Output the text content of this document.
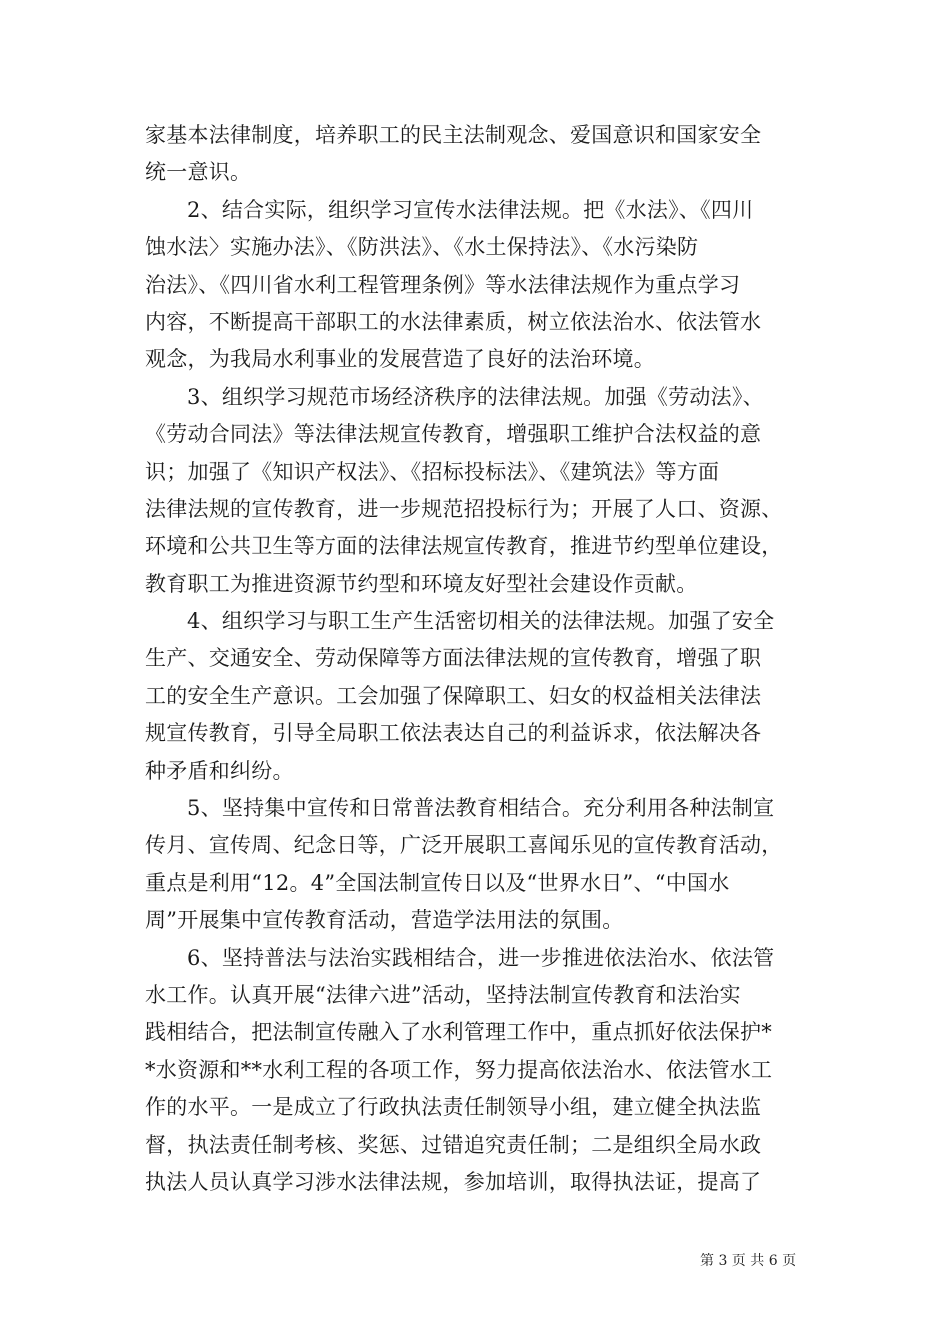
家基本法律制度，培养职工的民主法制观念、爱国意识和国家安全
统一意识。
2、结合实际，组织学习宣传水法律法规。把《水法》、《四川
蚀水法〉实施办法》、《防洪法》、《水土保持法》、《水污染防
治法》、《四川省水利工程管理条例》等水法律法规作为重点学习
内容，不断提高干部职工的水法律素质，树立依法治水、依法管水
观念，为我局水利事业的发展营造了良好的法治环境。
3、组织学习规范市场经济秩序的法律法规。加强《劳动法》、
《劳动合同法》等法律法规宣传教育，增强职工维护合法权益的意
识；加强了《知识产权法》、《招标投标法》、《建筑法》等方面
法律法规的宣传教育，进一步规范招投标行为；开展了人口、资源、
环境和公共卫生等方面的法律法规宣传教育，推进节约型单位建设，
教育职工为推进资源节约型和环境友好型社会建设作贡献。
4、组织学习与职工生产生活密切相关的法律法规。加强了安全
生产、交通安全、劳动保障等方面法律法规的宣传教育，增强了职
工的安全生产意识。工会加强了保障职工、妇女的权益相关法律法
规宣传教育，引导全局职工依法表达自己的利益诉求，依法解决各
种矛盾和纠纷。
5、坚持集中宣传和日常普法教育相结合。充分利用各种法制宣
传月、宣传周、纪念日等，广泛开展职工喜闻乐见的宣传教育活动，
重点是利用“12。4”全国法制宣传日以及“世界水日”、“中国水
周”开展集中宣传教育活动，营造学法用法的氛围。
6、坚持普法与法治实践相结合，进一步推进依法治水、依法管
水工作。认真开展“法律六进”活动，坚持法制宣传教育和法治实
践相结合，把法制宣传融入了水利管理工作中，重点抓好依法保护*
*水资源和**水利工程的各项工作，努力提高依法治水、依法管水工
作的水平。一是成立了行政执法责任制领导小组，建立健全执法监
督，执法责任制考核、奖惩、过错追究责任制；二是组织全局水政
执法人员认真学习涉水法律法规，参加培训，取得执法证，提高了
第 3 页 共 6 页
